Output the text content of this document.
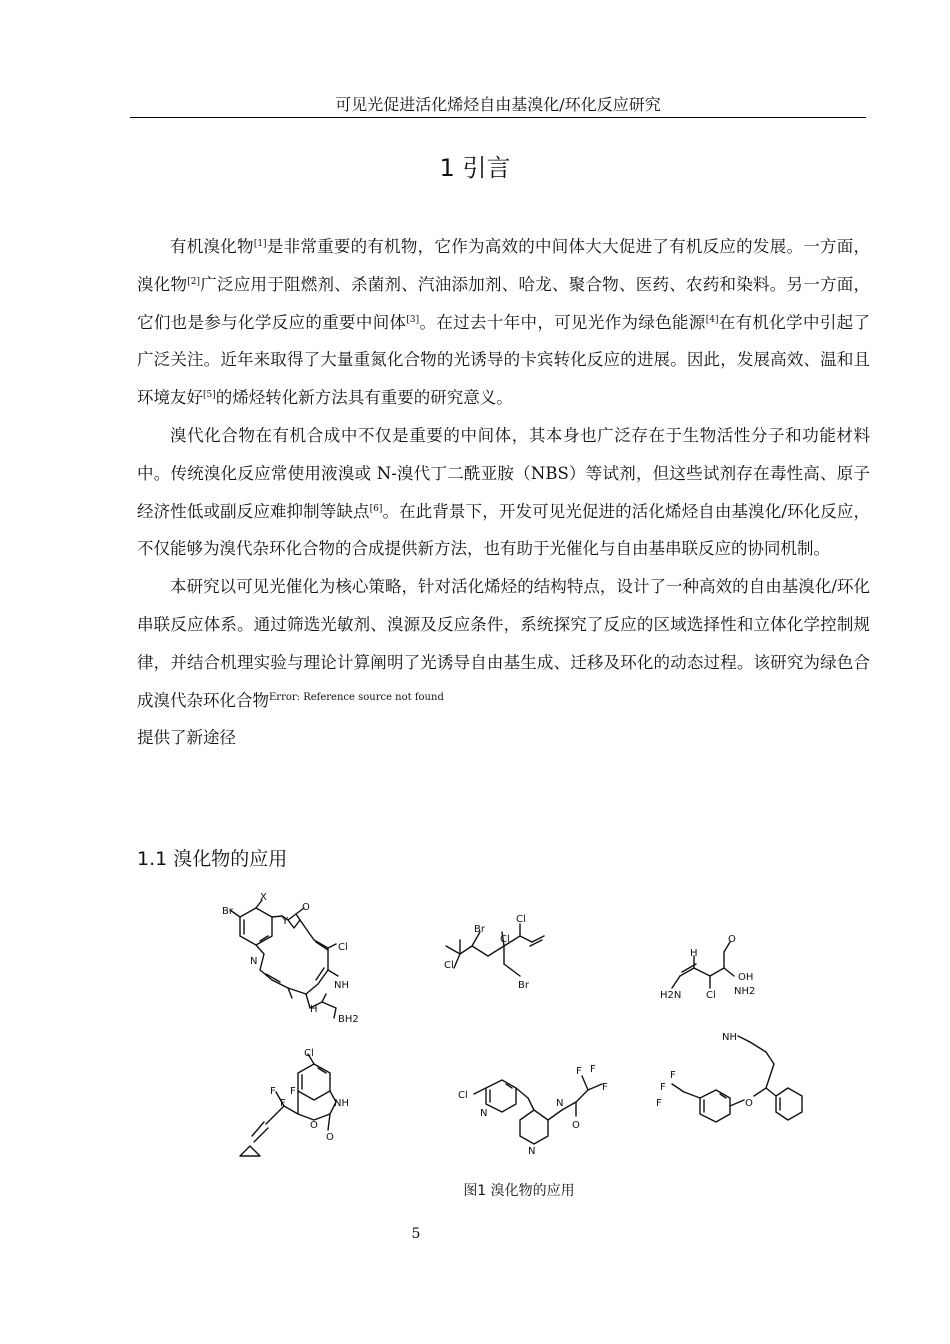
可见光促进活化烯烃自由基溴化/环化反应研究
1 引言

有机溴化物[1]是非常重要的有机物，它作为高效的中间体大大促进了有机反应的发展。一方面，溴化物[2]广泛应用于阻燃剂、杀菌剂、汽油添加剂、哈龙、聚合物、医药、农药和染料。另一方面，它们也是参与化学反应的重要中间体[3]。在过去十年中，可见光作为绿色能源[4]在有机化学中引起了广泛关注。近年来取得了大量重氮化合物的光诱导的卡宾转化反应的进展。因此，发展高效、温和且环境友好[5]的烯烃转化新方法具有重要的研究意义。

溴代化合物在有机合成中不仅是重要的中间体，其本身也广泛存在于生物活性分子和功能材料中。传统溴化反应常使用液溴或 N-溴代丁二酰亚胺（NBS）等试剂，但这些试剂存在毒性高、原子经济性低或副反应难抑制等缺点[6]。在此背景下，开发可见光促进的活化烯烃自由基溴化/环化反应，不仅能够为溴代杂环化合物的合成提供新方法，也有助于光催化与自由基串联反应的协同机制。

本研究以可见光催化为核心策略，针对活化烯烃的结构特点，设计了一种高效的自由基溴化/环化串联反应体系。通过筛选光敏剂、溴源及反应条件，系统探究了反应的区域选择性和立体化学控制规律，并结合机理实验与理论计算阐明了光诱导自由基生成、迁移及环化的动态过程。该研究为绿色合成溴代杂环化合物$^{Error: Reference source not found}$
提供了新途径

1.1 溴化物的应用
Br
X
Y
O
N
Cl
NH
H
BH2
Br
Cl
Cl
Cl
Br
O
OH
H
Cl
H2N	NH2
Cl
NH
O
O
F
F
F	Cl
N
N
N
O
F F
F	F
F
F	O
NH
图1 溴化物的应用
5
